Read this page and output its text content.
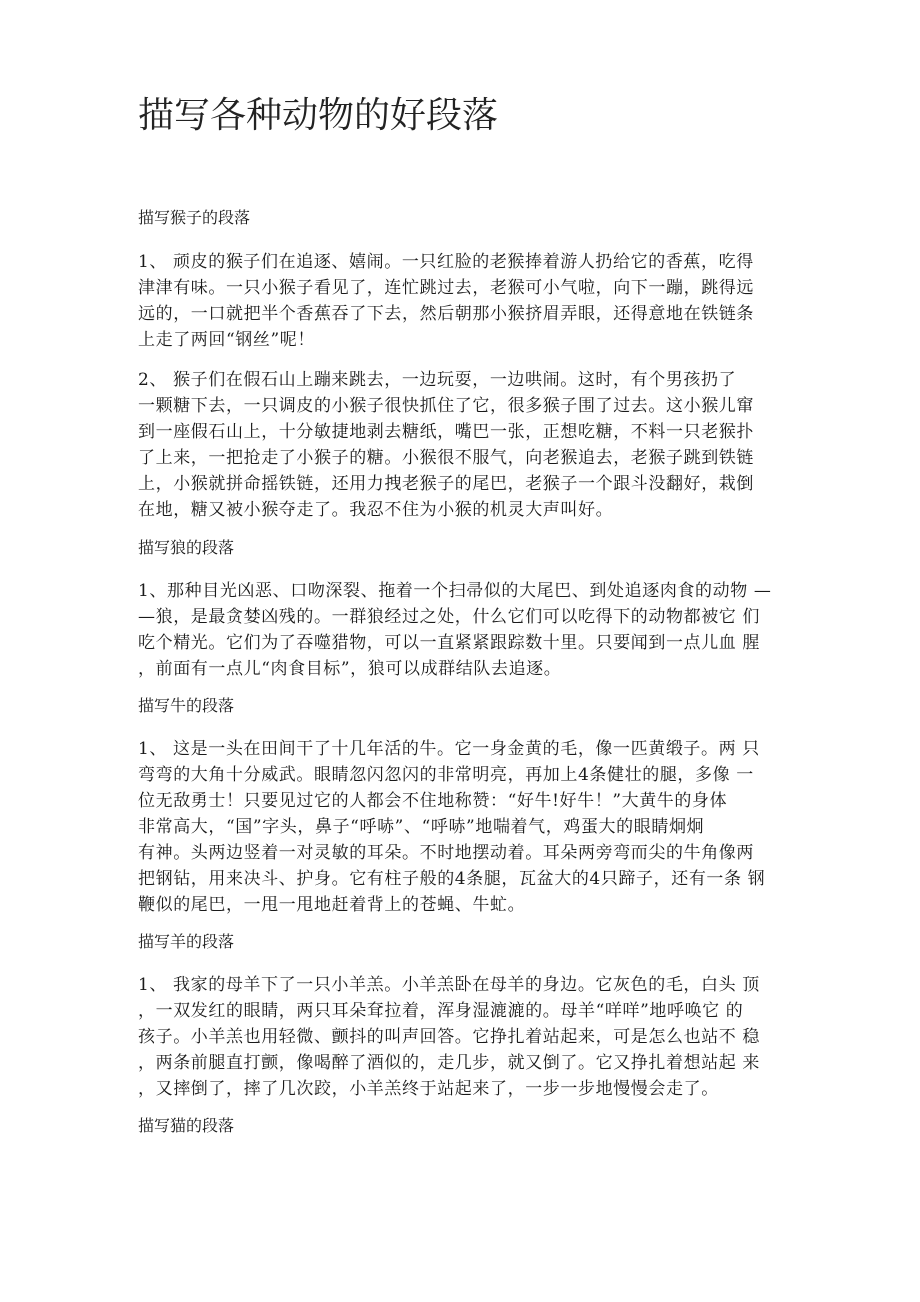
描写各种动物的好段落
描写猴子的段落
1、 顽皮的猴子们在追逐、嬉闹。一只红脸的老猴捧着游人扔给它的香蕉，吃得
津津有味。一只小猴子看见了，连忙跳过去，老猴可小气啦，向下一蹦，跳得远
远的，一口就把半个香蕉吞了下去，然后朝那小猴挤眉弄眼，还得意地在铁链条
上走了两回“钢丝”呢！
2、 猴子们在假石山上蹦来跳去，一边玩耍，一边哄闹。这时，有个男孩扔了
一颗糖下去，一只调皮的小猴子很快抓住了它，很多猴子围了过去。这小猴儿窜
到一座假石山上，十分敏捷地剥去糖纸，嘴巴一张，正想吃糖，不料一只老猴扑
了上来，一把抢走了小猴子的糖。小猴很不服气，向老猴追去，老猴子跳到铁链
上，小猴就拼命摇铁链，还用力拽老猴子的尾巴，老猴子一个跟斗没翻好，栽倒
在地，糖又被小猴夺走了。我忍不住为小猴的机灵大声叫好。
描写狼的段落
1、那种目光凶恶、口吻深裂、拖着一个扫帚似的大尾巴、到处追逐肉食的动物 —
—狼，是最贪婪凶残的。一群狼经过之处，什么它们可以吃得下的动物都被它 们
吃个精光。它们为了吞噬猎物，可以一直紧紧跟踪数十里。只要闻到一点儿血 腥
，前面有一点儿“肉食目标”，狼可以成群结队去追逐。
描写牛的段落
1、 这是一头在田间干了十几年活的牛。它一身金黄的毛，像一匹黄缎子。两 只
弯弯的大角十分威武。眼睛忽闪忽闪的非常明亮，再加上4条健壮的腿，多像 一
位无敌勇士！只要见过它的人都会不住地称赞：“好牛!好牛！”大黄牛的身体
非常高大，“国”字头，鼻子“呼哧”、“呼哧”地喘着气，鸡蛋大的眼睛炯炯
有神。头两边竖着一对灵敏的耳朵。不时地摆动着。耳朵两旁弯而尖的牛角像两
把钢钻，用来决斗、护身。它有柱子般的4条腿，瓦盆大的4只蹄子，还有一条 钢
鞭似的尾巴，一甩一甩地赶着背上的苍蝇、牛虻。
描写羊的段落
1、 我家的母羊下了一只小羊羔。小羊羔卧在母羊的身边。它灰色的毛，白头 顶
，一双发红的眼睛，两只耳朵耷拉着，浑身湿漉漉的。母羊“咩咩”地呼唤它 的
孩子。小羊羔也用轻微、颤抖的叫声回答。它挣扎着站起来，可是怎么也站不 稳
，两条前腿直打颤，像喝醉了酒似的，走几步，就又倒了。它又挣扎着想站起 来
，又摔倒了，摔了几次跤，小羊羔终于站起来了，一步一步地慢慢会走了。
描写猫的段落
